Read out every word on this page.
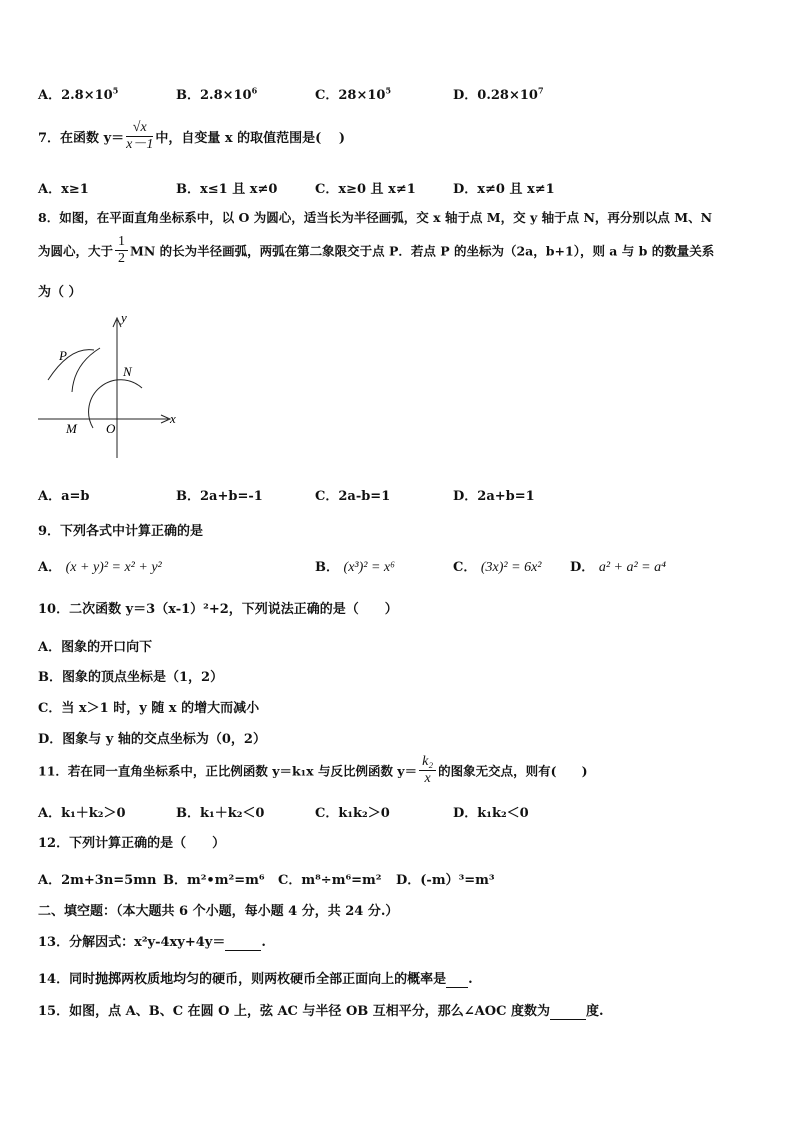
A．$2.8\times 10^5$	B．$2.8\times 10^6$	C．$28\times 10^5$	D．$0.28\times 10^7$
7．在函数 $y= \frac{√x}{x-1}$ 中，自变量 x 的取值范围是(　 )
A．x≥1	B．x≤1 且 x≠0	C．x≥0 且 x≠1	D．x≠0 且 x≠1
8．如图，在平面直角坐标系中，以 O 为圆心，适当长为半径画弧，交 x 轴于点 M，交 y 轴于点 N，再分别以点 M、N
为圆心，大于 $\frac{1}{2}$ MN 的长为半径画弧，两弧在第二象限交于点 P．若点 P 的坐标为（2a，b+1），则 a 与 b 的数量关系
为（ ）
y
x
P
N
M O
A．a=b	B．2a+b=-1	C．2a-b=1	D．2a+b=1
9．下列各式中计算正确的是
A． (x + y)² = x² + y²	B． (x³)² = x⁶	C． (3x)² = 6x² D． a² + a² = a⁴
10．二次函数 y＝3（x-1）²+2，下列说法正确的是（　　）
A．图象的开口向下
B．图象的顶点坐标是（1，2）
C．当 x＞1 时，y 随 x 的增大而减小
D．图象与 y 轴的交点坐标为（0，2）
11．若在同一直角坐标系中，正比例函数 y＝k₁x 与反比例函数 $y= \frac{\text{k₂}}{x}$ 的图象无交点，则有(　　)
A．k₁＋k₂＞0	B．k₁＋k₂＜0	C．k₁k₂＞0	D．k₁k₂＜0
12．下列计算正确的是（　　）
A．2m+3n=5mn B．m²•m²=m⁶ C．m⁸÷m⁶=m² D．(-m）³=m³
二、填空题：（本大题共 6 个小题，每小题 4 分，共 24 分.）
13．分解因式：x²y-4xy+4y＝	.
14．同时抛掷两枚质地均匀的硬币，则两枚硬币全部正面向上的概率是 .
15．如图，点 A、B、C 在圆 O 上，弦 AC 与半径 OB 互相平分，那么∠AOC 度数为	度.
